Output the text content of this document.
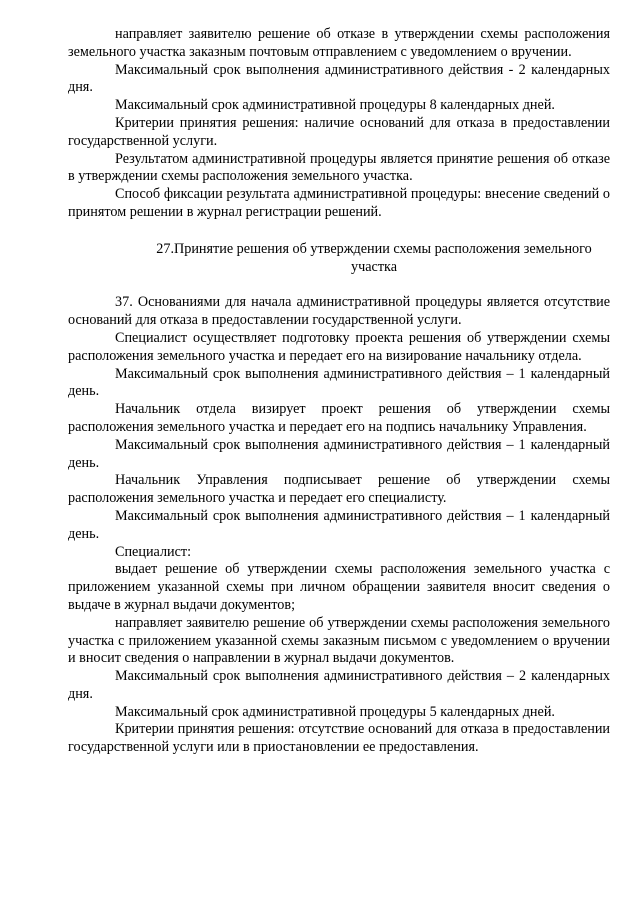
направляет заявителю решение об отказе в утверждении схемы расположения земельного участка заказным почтовым отправлением с уведомлением о вручении.

Максимальный срок выполнения административного действия - 2 календарных дня.

Максимальный срок административной процедуры 8 календарных дней.

Критерии принятия решения: наличие оснований для отказа в предоставлении государственной услуги.

Результатом административной процедуры является принятие решения об отказе в утверждении схемы расположения земельного участка.

Способ фиксации результата административной процедуры: внесение сведений о принятом решении в журнал регистрации решений.

27.Принятие решения об утверждении схемы расположения земельного участка

37. Основаниями для начала административной процедуры является отсутствие оснований для отказа в предоставлении государственной услуги.

Специалист осуществляет подготовку проекта решения об утверждении схемы расположения земельного участка и передает его на визирование начальнику отдела.

Максимальный срок выполнения административного действия – 1 календарный день.

Начальник отдела визирует проект решения об утверждении схемы расположения земельного участка и передает его на подпись начальнику Управления.

Максимальный срок выполнения административного действия – 1 календарный день.

Начальник Управления подписывает решение об утверждении схемы расположения земельного участка и передает его специалисту.

Максимальный срок выполнения административного действия – 1 календарный день.

Специалист:

выдает решение об утверждении схемы расположения земельного участка с приложением указанной схемы при личном обращении заявителя вносит сведения о выдаче в журнал выдачи документов;

направляет заявителю решение об утверждении схемы расположения земельного участка с приложением указанной схемы заказным письмом с уведомлением о вручении и вносит сведения о направлении в журнал выдачи документов.

Максимальный срок выполнения административного действия – 2 календарных дня.

Максимальный срок административной процедуры 5 календарных дней.

Критерии принятия решения: отсутствие оснований для отказа в предоставлении государственной услуги или в приостановлении ее предоставления.
